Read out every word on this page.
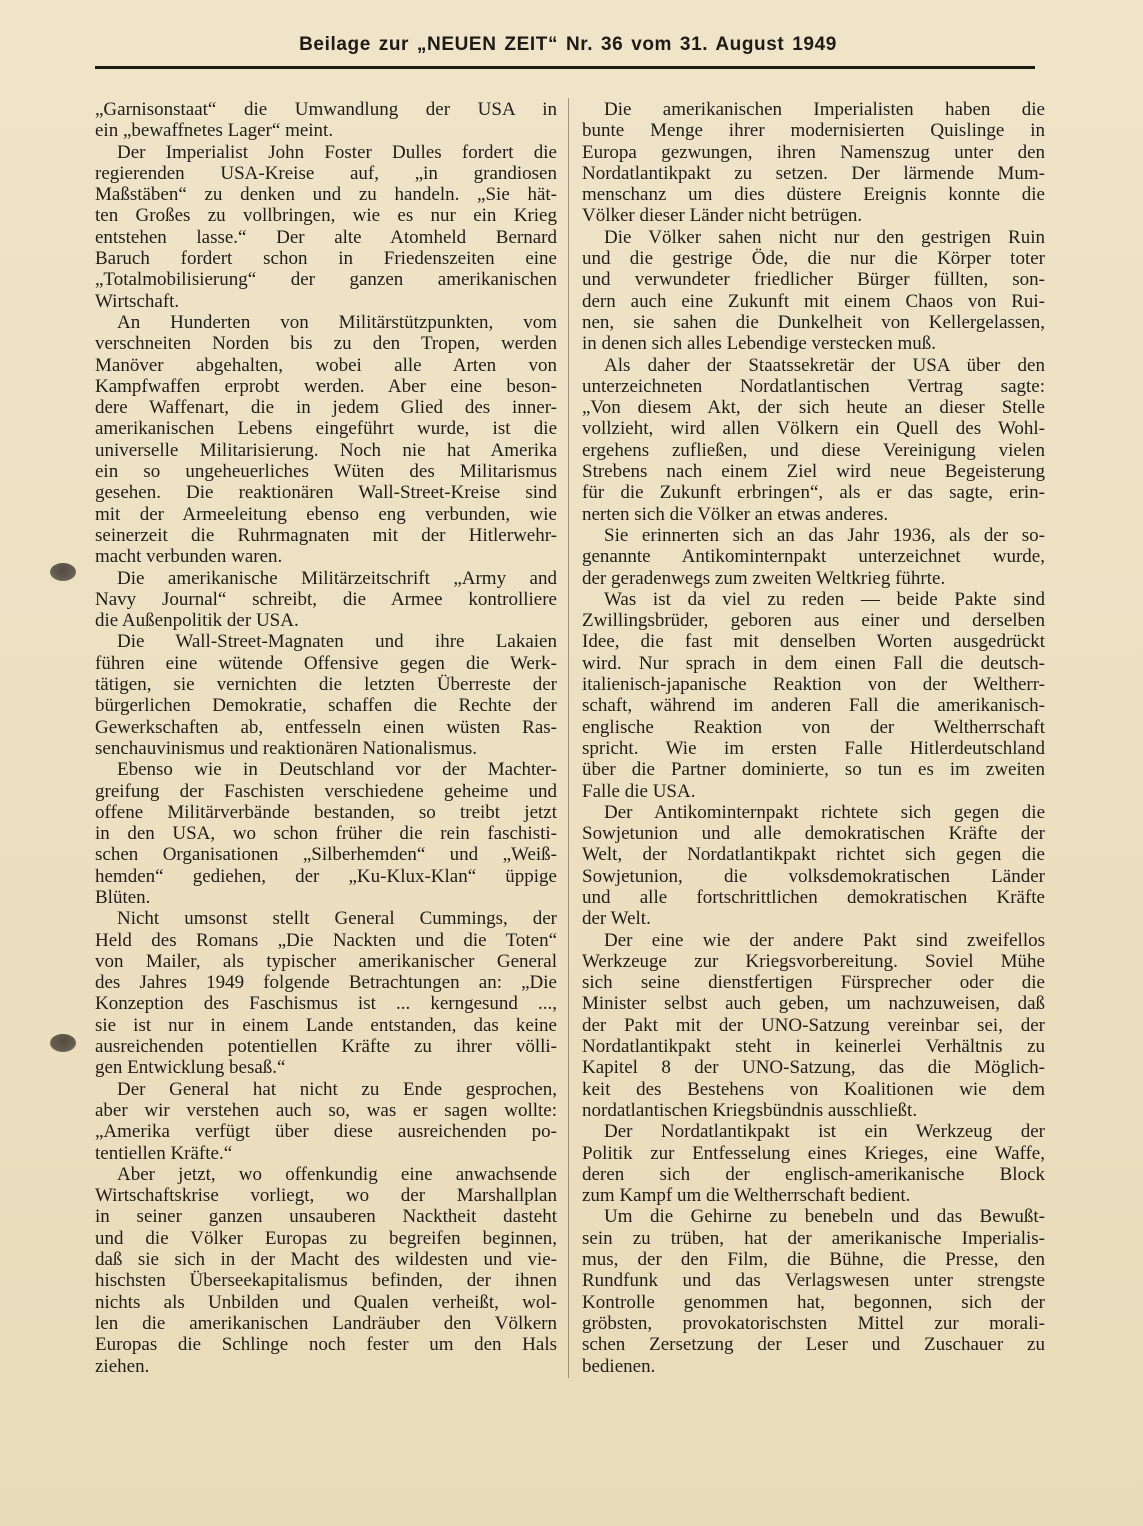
Beilage zur „NEUEN ZEIT“ Nr. 36 vom 31. August 1949
„Garnisonstaat“ die Umwandlung der USA in
ein „bewaffnetes Lager“ meint.
Der Imperialist John Foster Dulles fordert die
regierenden USA-Kreise auf, „in grandiosen
Maßstäben“ zu denken und zu handeln. „Sie hät-
ten Großes zu vollbringen, wie es nur ein Krieg
entstehen lasse.“ Der alte Atomheld Bernard
Baruch fordert schon in Friedenszeiten eine
„Totalmobilisierung“ der ganzen amerikanischen
Wirtschaft.
An Hunderten von Militärstützpunkten, vom
verschneiten Norden bis zu den Tropen, werden
Manöver abgehalten, wobei alle Arten von
Kampfwaffen erprobt werden. Aber eine beson-
dere Waffenart, die in jedem Glied des inner-
amerikanischen Lebens eingeführt wurde, ist die
universelle Militarisierung. Noch nie hat Amerika
ein so ungeheuerliches Wüten des Militarismus
gesehen. Die reaktionären Wall-Street-Kreise sind
mit der Armeeleitung ebenso eng verbunden, wie
seinerzeit die Ruhrmagnaten mit der Hitlerwehr-
macht verbunden waren.
Die amerikanische Militärzeitschrift „Army and
Navy Journal“ schreibt, die Armee kontrolliere
die Außenpolitik der USA.
Die Wall-Street-Magnaten und ihre Lakaien
führen eine wütende Offensive gegen die Werk-
tätigen, sie vernichten die letzten Überreste der
bürgerlichen Demokratie, schaffen die Rechte der
Gewerkschaften ab, entfesseln einen wüsten Ras-
senchauvinismus und reaktionären Nationalismus.
Ebenso wie in Deutschland vor der Machter-
greifung der Faschisten verschiedene geheime und
offene Militärverbände bestanden, so treibt jetzt
in den USA, wo schon früher die rein faschisti-
schen Organisationen „Silberhemden“ und „Weiß-
hemden“ gediehen, der „Ku-Klux-Klan“ üppige
Blüten.
Nicht umsonst stellt General Cummings, der
Held des Romans „Die Nackten und die Toten“
von Mailer, als typischer amerikanischer General
des Jahres 1949 folgende Betrachtungen an: „Die
Konzeption des Faschismus ist ... kerngesund ...,
sie ist nur in einem Lande entstanden, das keine
ausreichenden potentiellen Kräfte zu ihrer völli-
gen Entwicklung besaß.“
Der General hat nicht zu Ende gesprochen,
aber wir verstehen auch so, was er sagen wollte:
„Amerika verfügt über diese ausreichenden po-
tentiellen Kräfte.“
Aber jetzt, wo offenkundig eine anwachsende
Wirtschaftskrise vorliegt, wo der Marshallplan
in seiner ganzen unsauberen Nacktheit dasteht
und die Völker Europas zu begreifen beginnen,
daß sie sich in der Macht des wildesten und vie-
hischsten Überseekapitalismus befinden, der ihnen
nichts als Unbilden und Qualen verheißt, wol-
len die amerikanischen Landräuber den Völkern
Europas die Schlinge noch fester um den Hals
ziehen.
Die amerikanischen Imperialisten haben die
bunte Menge ihrer modernisierten Quislinge in
Europa gezwungen, ihren Namenszug unter den
Nordatlantikpakt zu setzen. Der lärmende Mum-
menschanz um dies düstere Ereignis konnte die
Völker dieser Länder nicht betrügen.
Die Völker sahen nicht nur den gestrigen Ruin
und die gestrige Öde, die nur die Körper toter
und verwundeter friedlicher Bürger füllten, son-
dern auch eine Zukunft mit einem Chaos von Rui-
nen, sie sahen die Dunkelheit von Kellergelassen,
in denen sich alles Lebendige verstecken muß.
Als daher der Staatssekretär der USA über den
unterzeichneten Nordatlantischen Vertrag sagte:
„Von diesem Akt, der sich heute an dieser Stelle
vollzieht, wird allen Völkern ein Quell des Wohl-
ergehens zufließen, und diese Vereinigung vielen
Strebens nach einem Ziel wird neue Begeisterung
für die Zukunft erbringen“, als er das sagte, erin-
nerten sich die Völker an etwas anderes.
Sie erinnerten sich an das Jahr 1936, als der so-
genannte Antikominternpakt unterzeichnet wurde,
der geradenwegs zum zweiten Weltkrieg führte.
Was ist da viel zu reden — beide Pakte sind
Zwillingsbrüder, geboren aus einer und derselben
Idee, die fast mit denselben Worten ausgedrückt
wird. Nur sprach in dem einen Fall die deutsch-
italienisch-japanische Reaktion von der Weltherr-
schaft, während im anderen Fall die amerikanisch-
englische Reaktion von der Weltherrschaft
spricht. Wie im ersten Falle Hitlerdeutschland
über die Partner dominierte, so tun es im zweiten
Falle die USA.
Der Antikominternpakt richtete sich gegen die
Sowjetunion und alle demokratischen Kräfte der
Welt, der Nordatlantikpakt richtet sich gegen die
Sowjetunion, die volksdemokratischen Länder
und alle fortschrittlichen demokratischen Kräfte
der Welt.
Der eine wie der andere Pakt sind zweifellos
Werkzeuge zur Kriegsvorbereitung. Soviel Mühe
sich seine dienstfertigen Fürsprecher oder die
Minister selbst auch geben, um nachzuweisen, daß
der Pakt mit der UNO-Satzung vereinbar sei, der
Nordatlantikpakt steht in keinerlei Verhältnis zu
Kapitel 8 der UNO-Satzung, das die Möglich-
keit des Bestehens von Koalitionen wie dem
nordatlantischen Kriegsbündnis ausschließt.
Der Nordatlantikpakt ist ein Werkzeug der
Politik zur Entfesselung eines Krieges, eine Waffe,
deren sich der englisch-amerikanische Block
zum Kampf um die Weltherrschaft bedient.
Um die Gehirne zu benebeln und das Bewußt-
sein zu trüben, hat der amerikanische Imperialis-
mus, der den Film, die Bühne, die Presse, den
Rundfunk und das Verlagswesen unter strengste
Kontrolle genommen hat, begonnen, sich der
gröbsten, provokatorischsten Mittel zur morali-
schen Zersetzung der Leser und Zuschauer zu
bedienen.
